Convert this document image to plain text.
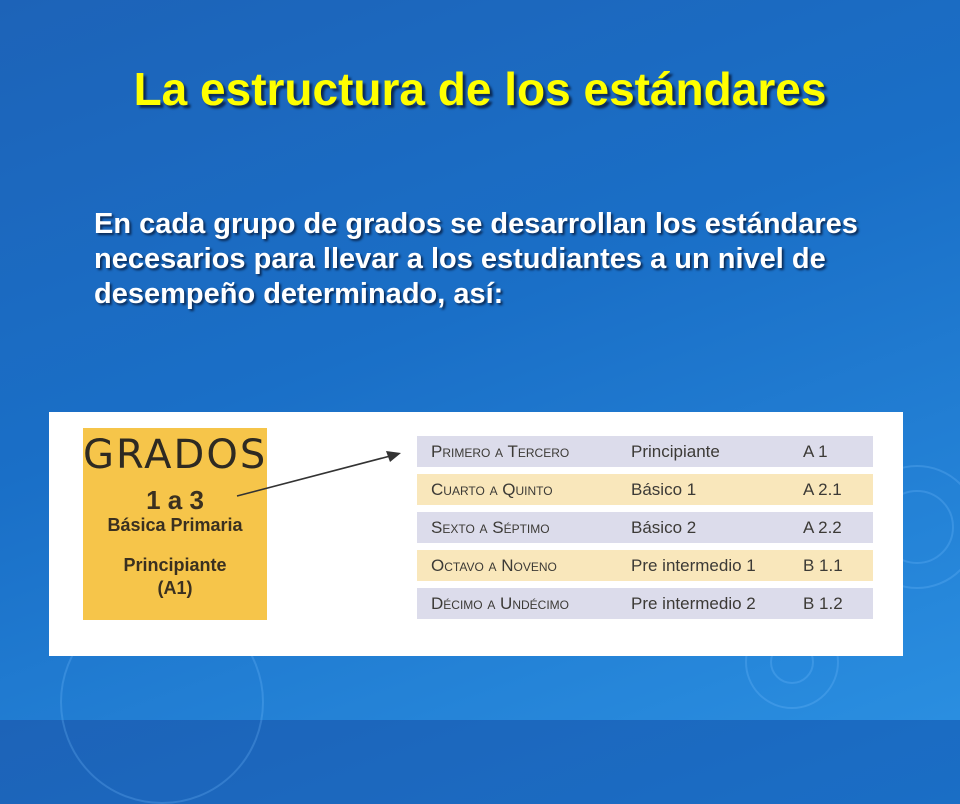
La estructura de los estándares

En cada grupo de grados se desarrollan los estándares necesarios para llevar a los estudiantes a un nivel de desempeño determinado, así:

GRADOS
1 a 3
Básica Primaria
Principiante
(A1)
Primero a Tercero	Principiante	A 1
Cuarto a Quinto	Básico 1	A 2.1
Sexto a Séptimo	Básico 2	A 2.2
Octavo a Noveno	Pre intermedio 1	B 1.1
Décimo a Undécimo	Pre intermedio 2	B 1.2
